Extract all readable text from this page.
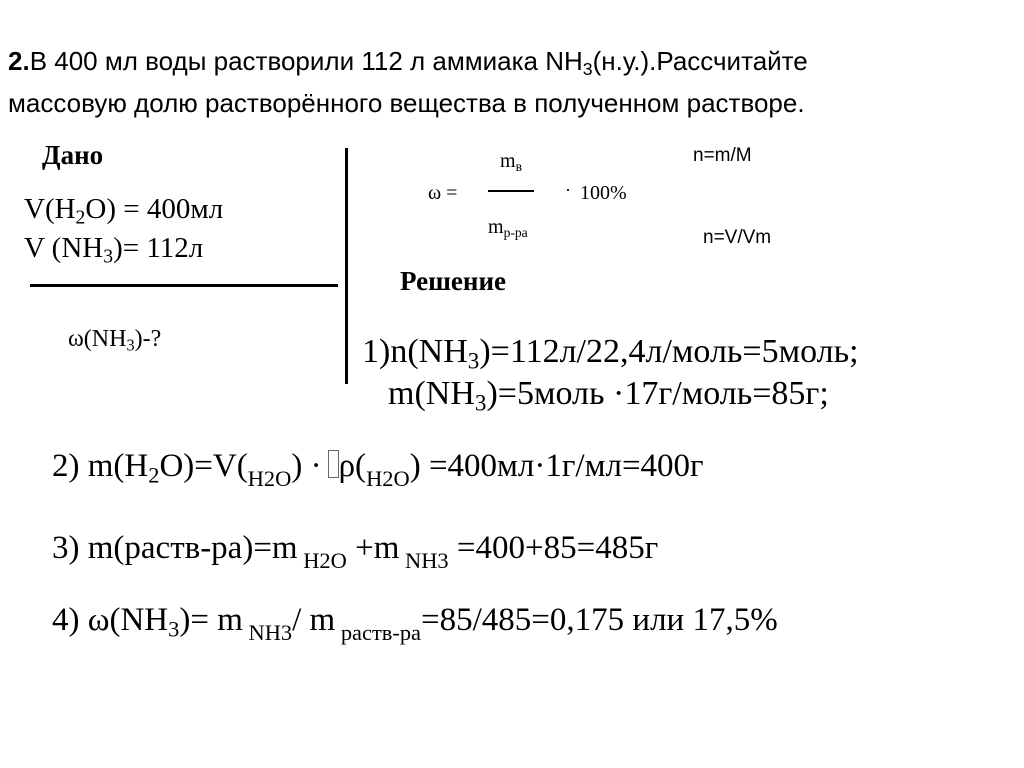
2.В 400 мл воды растворили 112 л аммиака $NH_3(н.у.).Рассчитайте$
массовую долю растворённого вещества в полученном растворе.
Дано
$V(H_2O) = 400мл$
V $(NH_3)= 112л$
$\omega(NH_3)-$?
ω =
$m_в$
· 100%
$m_{р-ра}$
n=m/M
n=V/Vm
Решение
$1)n(NH_3)=112л/22,4л/моль=5моль$;
$m(NH_3)=5моль$ ·17г/моль=85г;
2) $m(H_2O)=V(_{H2O}) \cdot \rho(_{H2O}) =400мл\cdot 1г/мл=400г$
3) m(раств-ра)=m $_{H2O}$ +m $_{NH3}$ =400+85=485г
4) $\omega(NH_3)= m$ $_{NH3}$/ m $_{раств-ра}$=85/485=0,175 или 17,5%
